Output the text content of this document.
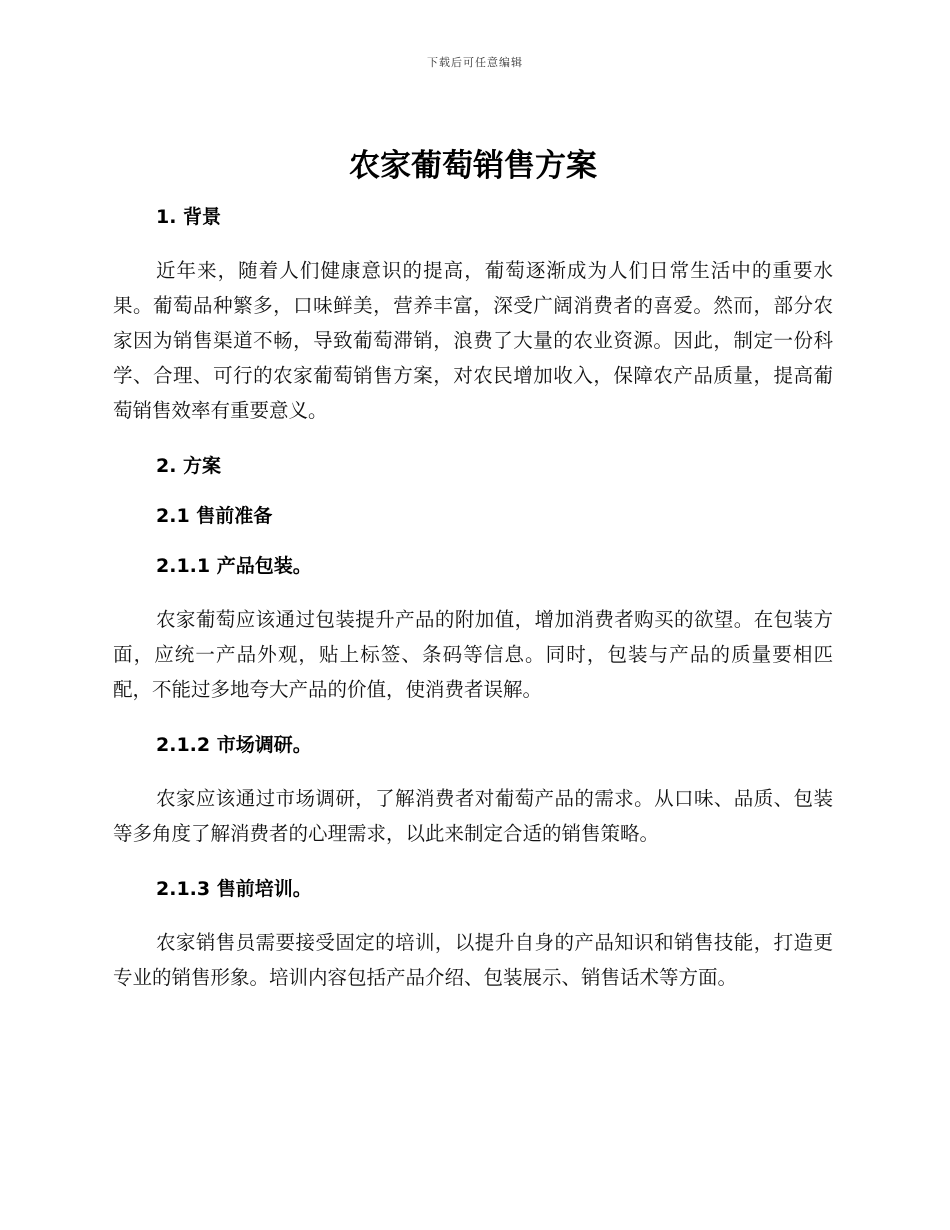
下载后可任意编辑
农家葡萄销售方案
1. 背景

近年来，随着人们健康意识的提高，葡萄逐渐成为人们日常生活中的重要水果。葡萄品种繁多，口味鲜美，营养丰富，深受广阔消费者的喜爱。然而，部分农家因为销售渠道不畅，导致葡萄滞销，浪费了大量的农业资源。因此，制定一份科学、合理、可行的农家葡萄销售方案，对农民增加收入，保障农产品质量，提高葡萄销售效率有重要意义。

2. 方案
2.1 售前准备
2.1.1 产品包装。

农家葡萄应该通过包装提升产品的附加值，增加消费者购买的欲望。在包装方面，应统一产品外观，贴上标签、条码等信息。同时，包装与产品的质量要相匹配，不能过多地夸大产品的价值，使消费者误解。

2.1.2 市场调研。

农家应该通过市场调研，了解消费者对葡萄产品的需求。从口味、品质、包装等多角度了解消费者的心理需求，以此来制定合适的销售策略。

2.1.3 售前培训。

农家销售员需要接受固定的培训，以提升自身的产品知识和销售技能，打造更专业的销售形象。培训内容包括产品介绍、包装展示、销售话术等方面。
